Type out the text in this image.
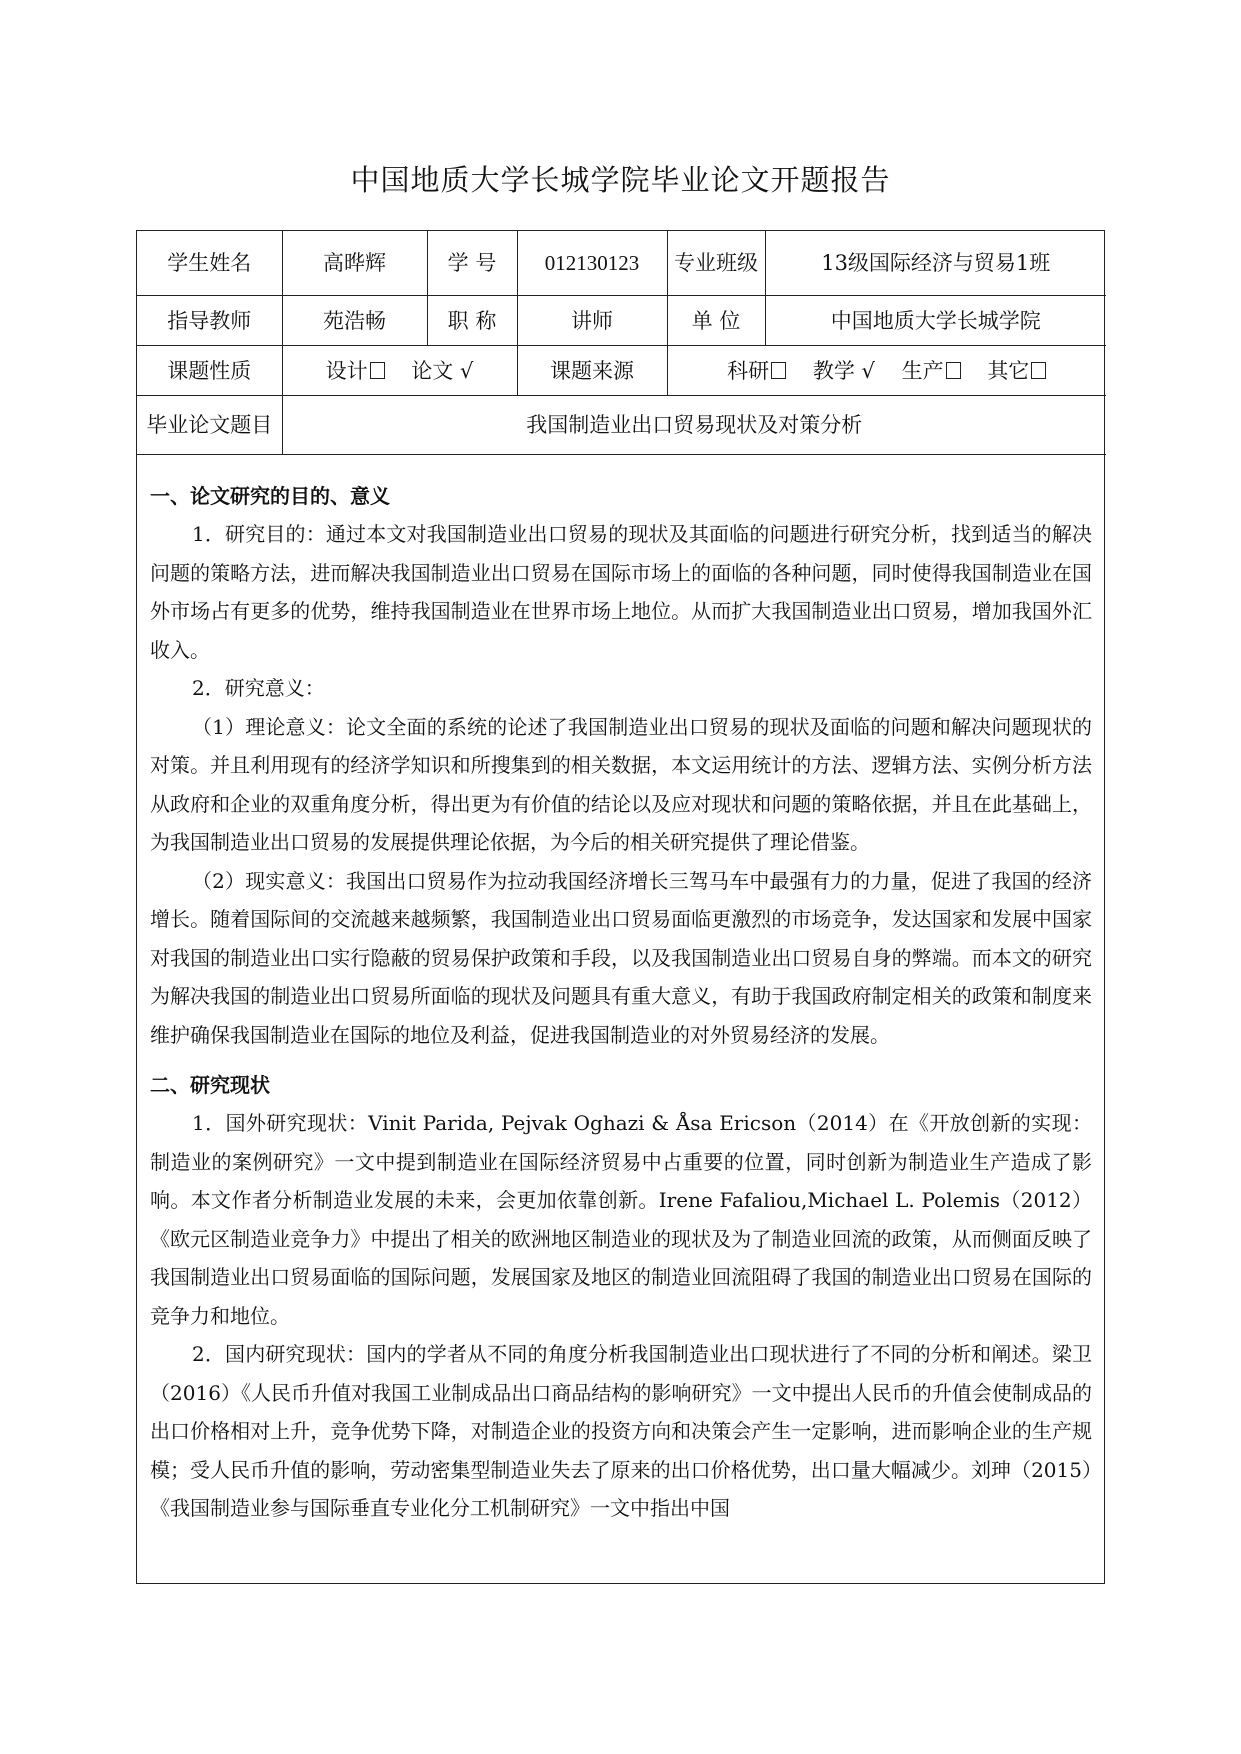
中国地质大学长城学院毕业论文开题报告
学生姓名	高晔辉	学 号	012130123	专业班级	13级国际经济与贸易1班
指导教师	苑浩畅	职 称	讲师	单 位	中国地质大学长城学院
课题性质	设计 论文 √		课题来源	科研 教学 √ 生产 其它	
毕业论文题目	我国制造业出口贸易现状及对策分析				

一、论文研究的目的、意义

1．研究目的：通过本文对我国制造业出口贸易的现状及其面临的问题进行研究分析，找到适当的解决问题的策略方法，进而解决我国制造业出口贸易在国际市场上的面临的各种问题，同时使得我国制造业在国外市场占有更多的优势，维持我国制造业在世界市场上地位。从而扩大我国制造业出口贸易，增加我国外汇收入。

2．研究意义：

（1）理论意义：论文全面的系统的论述了我国制造业出口贸易的现状及面临的问题和解决问题现状的对策。并且利用现有的经济学知识和所搜集到的相关数据，本文运用统计的方法、逻辑方法、实例分析方法从政府和企业的双重角度分析，得出更为有价值的结论以及应对现状和问题的策略依据，并且在此基础上，为我国制造业出口贸易的发展提供理论依据，为今后的相关研究提供了理论借鉴。

（2）现实意义：我国出口贸易作为拉动我国经济增长三驾马车中最强有力的力量，促进了我国的经济增长。随着国际间的交流越来越频繁，我国制造业出口贸易面临更激烈的市场竞争，发达国家和发展中国家对我国的制造业出口实行隐蔽的贸易保护政策和手段，以及我国制造业出口贸易自身的弊端。而本文的研究为解决我国的制造业出口贸易所面临的现状及问题具有重大意义，有助于我国政府制定相关的政策和制度来维护确保我国制造业在国际的地位及利益，促进我国制造业的对外贸易经济的发展。

二、研究现状

1．国外研究现状：Vinit Parida, Pejvak Oghazi & Åsa Ericson（2014）在《开放创新的实现：制造业的案例研究》一文中提到制造业在国际经济贸易中占重要的位置，同时创新为制造业生产造成了影响。本文作者分析制造业发展的未来，会更加依靠创新。Irene Fafaliou,Michael L. Polemis（2012）《欧元区制造业竞争力》中提出了相关的欧洲地区制造业的现状及为了制造业回流的政策，从而侧面反映了我国制造业出口贸易面临的国际问题，发展国家及地区的制造业回流阻碍了我国的制造业出口贸易在国际的竞争力和地位。

2．国内研究现状：国内的学者从不同的角度分析我国制造业出口现状进行了不同的分析和阐述。梁卫（2016）《人民币升值对我国工业制成品出口商品结构的影响研究》一文中提出人民币的升值会使制成品的出口价格相对上升，竞争优势下降，对制造企业的投资方向和决策会产生一定影响，进而影响企业的生产规模；受人民币升值的影响，劳动密集型制造业失去了原来的出口价格优势，出口量大幅减少。刘珅（2015）《我国制造业参与国际垂直专业化分工机制研究》一文中指出中国
